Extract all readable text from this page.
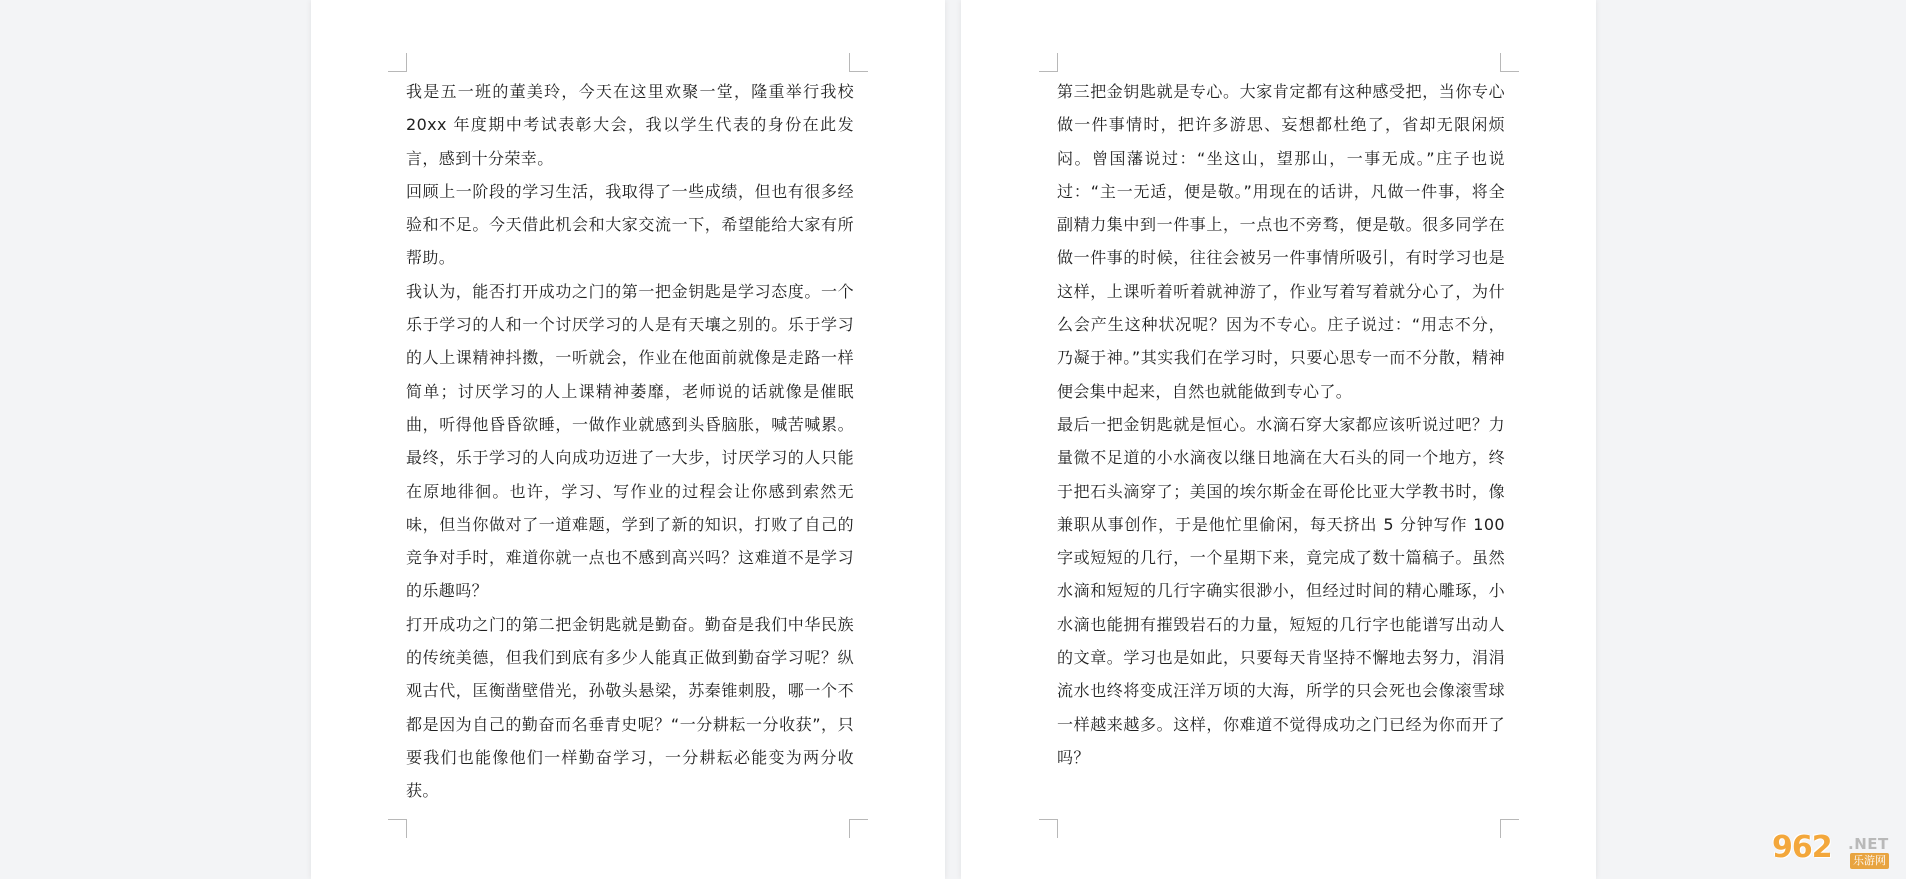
我是五一班的董美玲，今天在这里欢聚一堂，隆重举行我校20xx 年度期中考试表彰大会，我以学生代表的身份在此发言，感到十分荣幸。

回顾上一阶段的学习生活，我取得了一些成绩，但也有很多经验和不足。今天借此机会和大家交流一下，希望能给大家有所帮助。

我认为，能否打开成功之门的第一把金钥匙是学习态度。一个乐于学习的人和一个讨厌学习的人是有天壤之别的。乐于学习的人上课精神抖擞，一听就会，作业在他面前就像是走路一样简单；讨厌学习的人上课精神萎靡，老师说的话就像是催眠曲，听得他昏昏欲睡，一做作业就感到头昏脑胀，喊苦喊累。最终，乐于学习的人向成功迈进了一大步，讨厌学习的人只能在原地徘徊。也许，学习、写作业的过程会让你感到索然无味，但当你做对了一道难题，学到了新的知识，打败了自己的竞争对手时，难道你就一点也不感到高兴吗？这难道不是学习的乐趣吗？

打开成功之门的第二把金钥匙就是勤奋。勤奋是我们中华民族的传统美德，但我们到底有多少人能真正做到勤奋学习呢？纵观古代，匡衡凿壁借光，孙敬头悬梁，苏秦锥刺股，哪一个不都是因为自己的勤奋而名垂青史呢？“一分耕耘一分收获”，只要我们也能像他们一样勤奋学习，一分耕耘必能变为两分收获。

第三把金钥匙就是专心。大家肯定都有这种感受把，当你专心做一件事情时，把许多游思、妄想都杜绝了，省却无限闲烦闷。曾国藩说过：“坐这山，望那山，一事无成。”庄子也说过：“主一无适，便是敬。”用现在的话讲，凡做一件事，将全副精力集中到一件事上，一点也不旁骛，便是敬。很多同学在做一件事的时候，往往会被另一件事情所吸引，有时学习也是这样，上课听着听着就神游了，作业写着写着就分心了，为什么会产生这种状况呢？因为不专心。庄子说过：“用志不分，乃凝于神。”其实我们在学习时，只要心思专一而不分散，精神便会集中起来，自然也就能做到专心了。

最后一把金钥匙就是恒心。水滴石穿大家都应该听说过吧？力量微不足道的小水滴夜以继日地滴在大石头的同一个地方，终于把石头滴穿了；美国的埃尔斯金在哥伦比亚大学教书时，像兼职从事创作，于是他忙里偷闲，每天挤出 5 分钟写作 100 字或短短的几行，一个星期下来，竟完成了数十篇稿子。虽然水滴和短短的几行字确实很渺小，但经过时间的精心雕琢，小水滴也能拥有摧毁岩石的力量，短短的几行字也能谱写出动人的文章。学习也是如此，只要每天肯坚持不懈地去努力，涓涓流水也终将变成汪洋万顷的大海，所学的只会死也会像滚雪球一样越来越多。这样，你难道不觉得成功之门已经为你而开了吗？

962 .NET
乐游网
